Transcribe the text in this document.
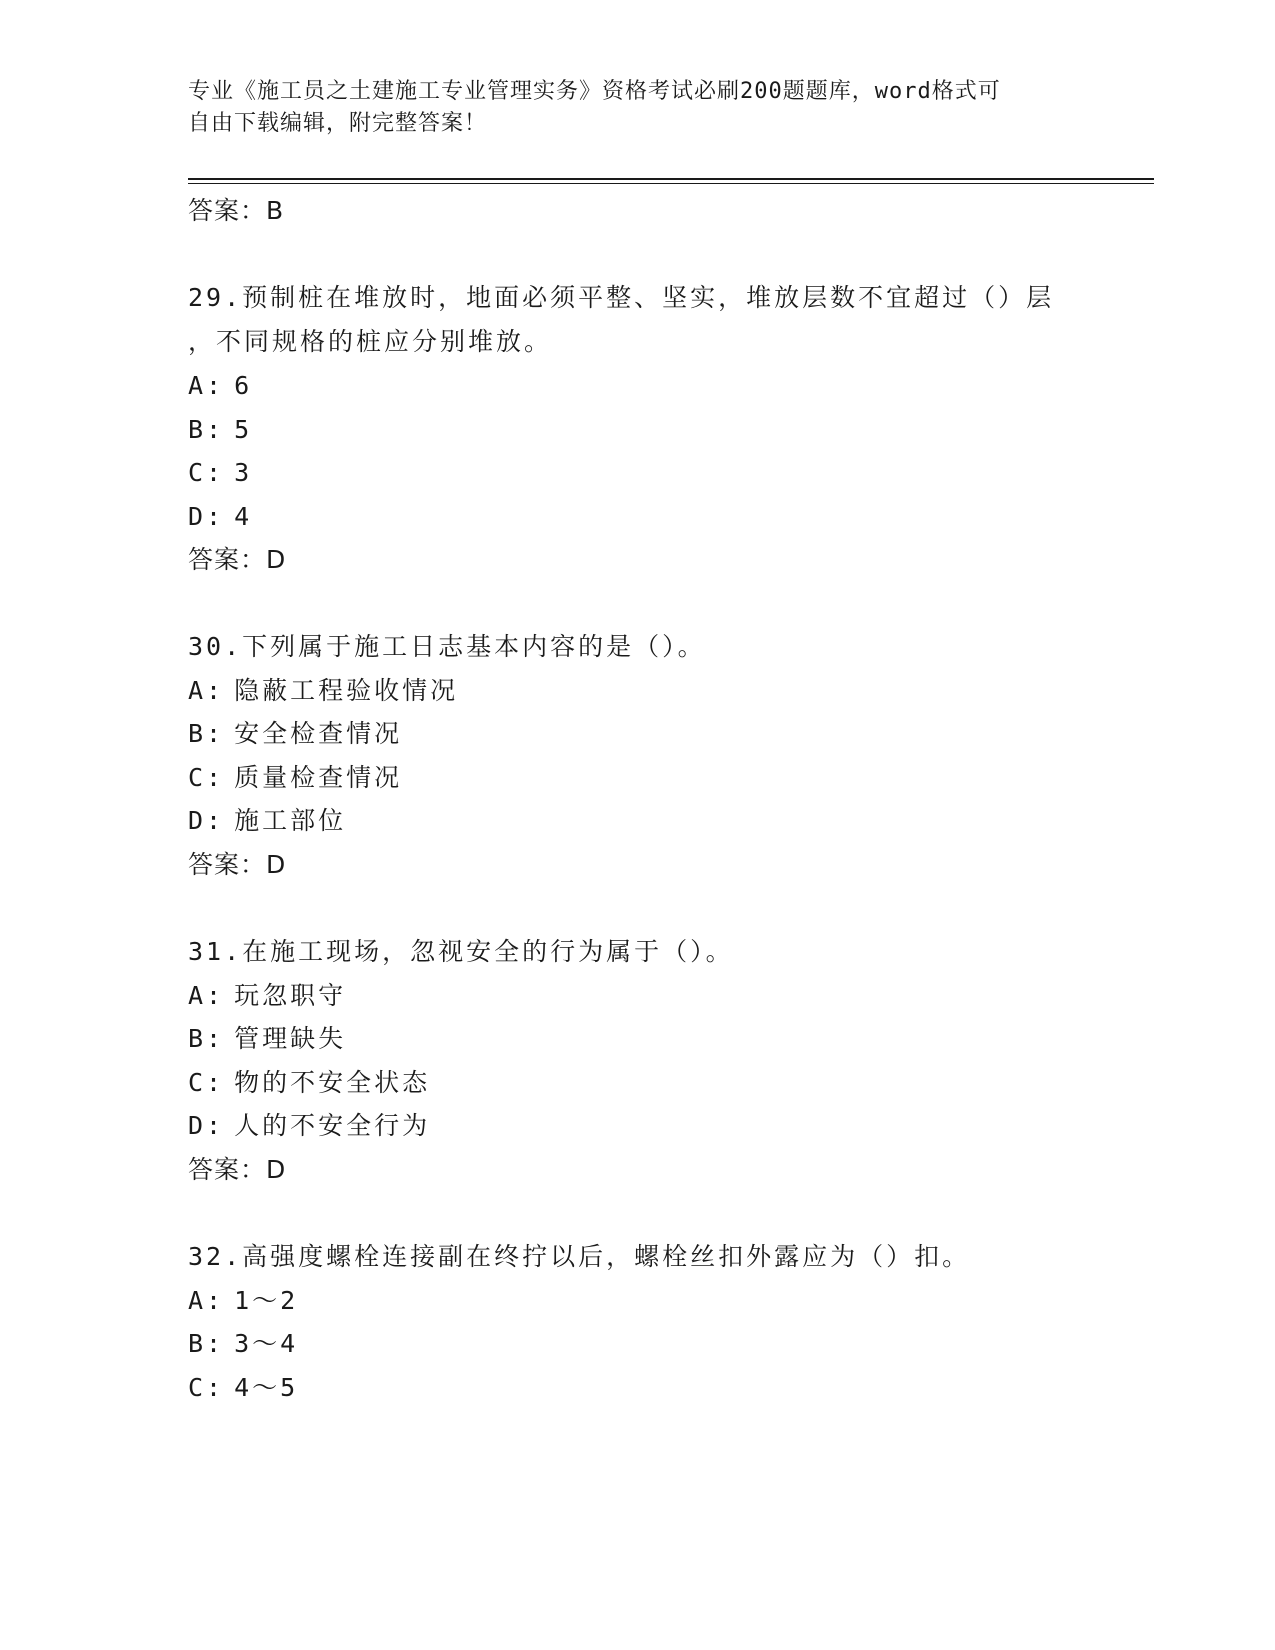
专业《施工员之土建施工专业管理实务》资格考试必刷200题题库，word格式可
自由下载编辑，附完整答案！
答案：B
29.预制桩在堆放时，地面必须平整、坚实，堆放层数不宜超过（）层
，不同规格的桩应分别堆放。
A: 6
B: 5
C: 3
D: 4
答案：D
30.下列属于施工日志基本内容的是（）。
A: 隐蔽工程验收情况
B: 安全检查情况
C: 质量检查情况
D: 施工部位
答案：D
31.在施工现场，忽视安全的行为属于（）。
A: 玩忽职守
B: 管理缺失
C: 物的不安全状态
D: 人的不安全行为
答案：D
32.高强度螺栓连接副在终拧以后，螺栓丝扣外露应为（）扣。
A: 1～2
B: 3～4
C: 4～5
